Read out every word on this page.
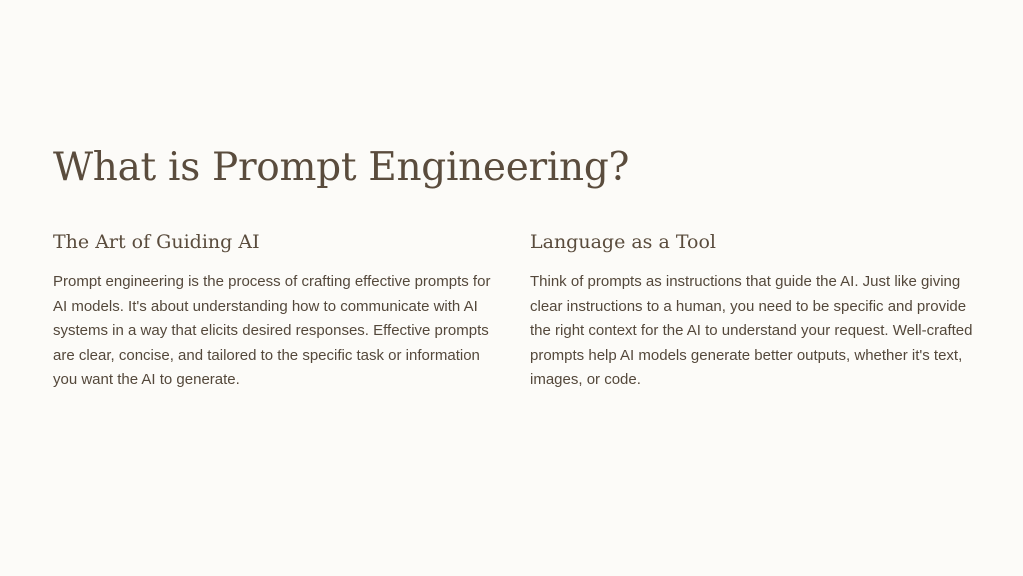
What is Prompt Engineering?
The Art of Guiding AI

Prompt engineering is the process of crafting effective prompts for AI models. It's about understanding how to communicate with AI systems in a way that elicits desired responses. Effective prompts are clear, concise, and tailored to the specific task or information you want the AI to generate.

Language as a Tool

Think of prompts as instructions that guide the AI. Just like giving clear instructions to a human, you need to be specific and provide the right context for the AI to understand your request. Well-crafted prompts help AI models generate better outputs, whether it's text, images, or code.
